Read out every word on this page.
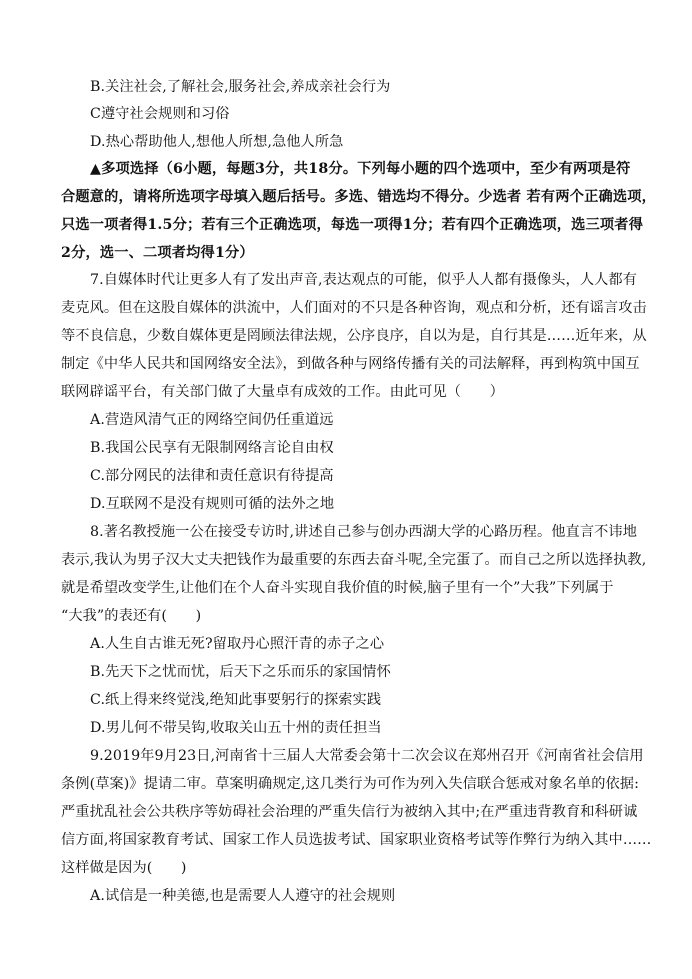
B.关注社会,了解社会,服务社会,养成亲社会行为
C遵守社会规则和习俗
D.热心帮助他人,想他人所想,急他人所急
▲多项选择（6小题，每题3分，共18分。下列每小题的四个选项中，至少有两项是符
合题意的，请将所选项字母填入题后括号。多选、错选均不得分。少选者 若有两个正确选项，
只选一项者得1.5分；若有三个正确选项，每选一项得1分；若有四个正确选项，选三项者得
2分，选一、二项者均得1分）
7.自媒体时代让更多人有了发出声音,表达观点的可能，似乎人人都有摄像头，人人都有
麦克风。但在这股自媒体的洪流中，人们面对的不只是各种咨询，观点和分析，还有谣言攻击
等不良信息，少数自媒体更是罔顾法律法规，公序良序，自以为是，自行其是……近年来，从
制定《中华人民共和国网络安全法》，到做各种与网络传播有关的司法解释，再到构筑中国互
联网辟谣平台，有关部门做了大量卓有成效的工作。由此可见（　　）
A.营造风清气正的网络空间仍任重道远
B.我国公民享有无限制网络言论自由权
C.部分网民的法律和责任意识有待提高
D.互联网不是没有规则可循的法外之地
8.著名教授施一公在接受专访时,讲述自己参与创办西湖大学的心路历程。他直言不讳地
表示,我认为男子汉大丈夫把钱作为最重要的东西去奋斗呢,全完蛋了。而自己之所以选择执教,
就是希望改变学生,让他们在个人奋斗实现自我价值的时候,脑子里有一个”大我”下列属于
“大我”的表还有(　　)
A.人生自古谁无死?留取丹心照汗青的赤子之心
B.先天下之忧而忧，后天下之乐而乐的家国情怀
C.纸上得来终觉浅,绝知此事要躬行的探索实践
D.男儿何不带吴钩,收取关山五十州的责任担当
9.2019年9月23日,河南省十三届人大常委会第十二次会议在郑州召开《河南省社会信用
条例(草案)》提请二审。草案明确规定,这几类行为可作为列入失信联合惩戒对象名单的依据:
严重扰乱社会公共秩序等妨碍社会治理的严重失信行为被纳入其中;在严重违背教育和科研诚
信方面,将国家教育考试、国家工作人员选拔考试、国家职业资格考试等作弊行为纳入其中……
这样做是因为(　　)
A.试信是一种美德,也是需要人人遵守的社会规则
